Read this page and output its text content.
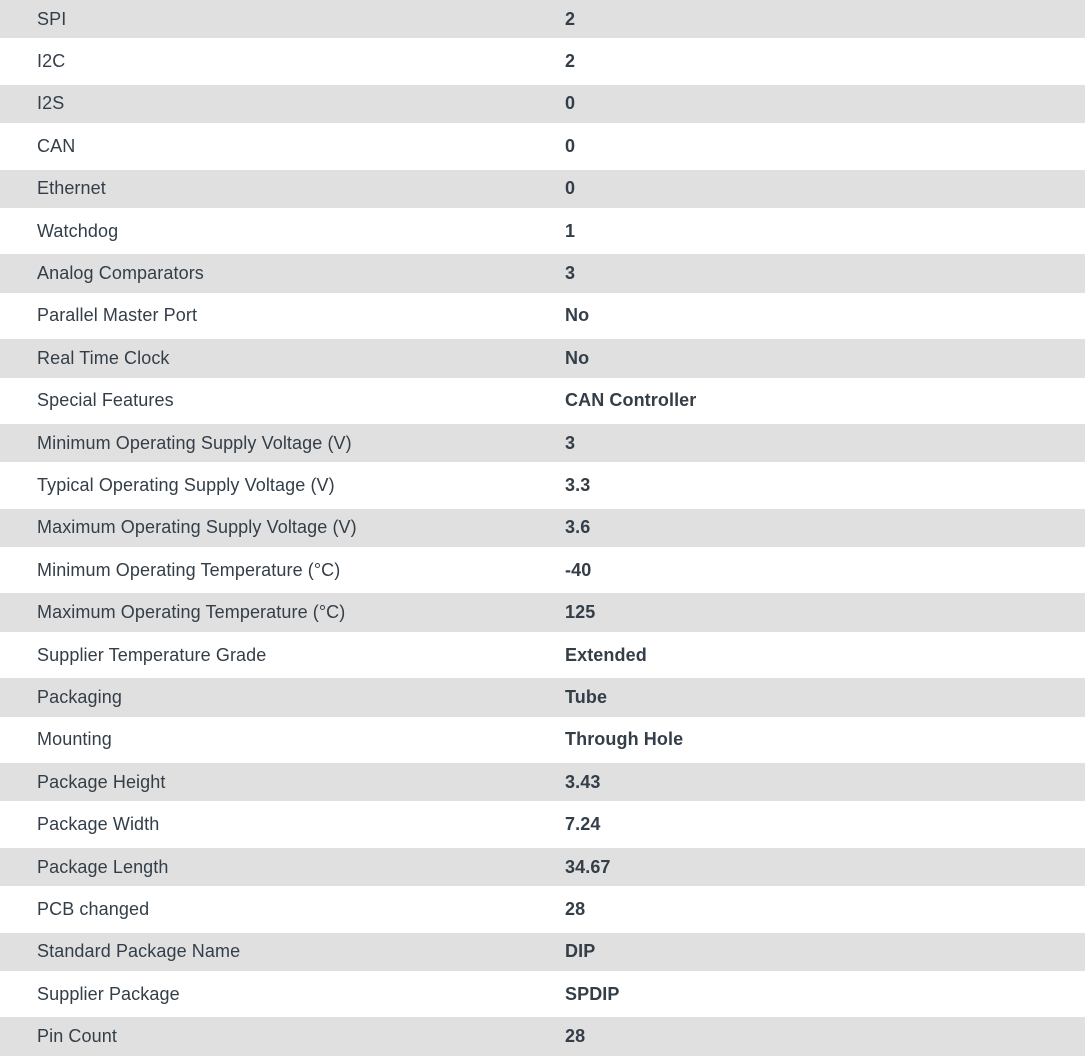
SPI	2
I2C	2
I2S	0
CAN	0
Ethernet	0
Watchdog	1
Analog Comparators	3
Parallel Master Port	No
Real Time Clock	No
Special Features	CAN Controller
Minimum Operating Supply Voltage (V)	3
Typical Operating Supply Voltage (V)	3.3
Maximum Operating Supply Voltage (V)	3.6
Minimum Operating Temperature (°C)	-40
Maximum Operating Temperature (°C)	125
Supplier Temperature Grade	Extended
Packaging	Tube
Mounting	Through Hole
Package Height	3.43
Package Width	7.24
Package Length	34.67
PCB changed	28
Standard Package Name	DIP
Supplier Package	SPDIP
Pin Count	28
